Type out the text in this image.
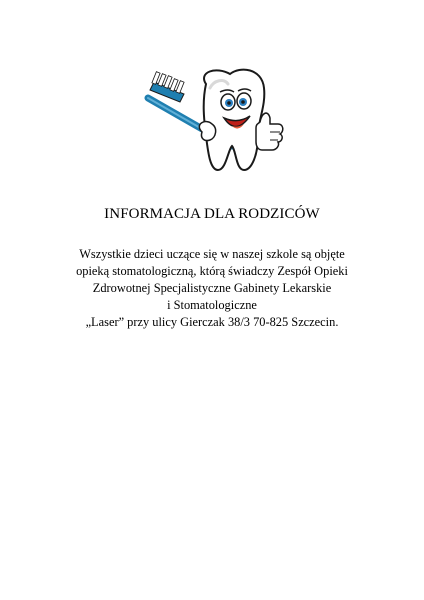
INFORMACJA DLA RODZICÓW

Wszystkie dzieci uczące się w naszej szkole są objęte
opieką stomatologiczną, którą świadczy Zespół Opieki
Zdrowotnej Specjalistyczne Gabinety Lekarskie
i Stomatologiczne
„Laser” przy ulicy Gierczak 38/3 70-825 Szczecin.
